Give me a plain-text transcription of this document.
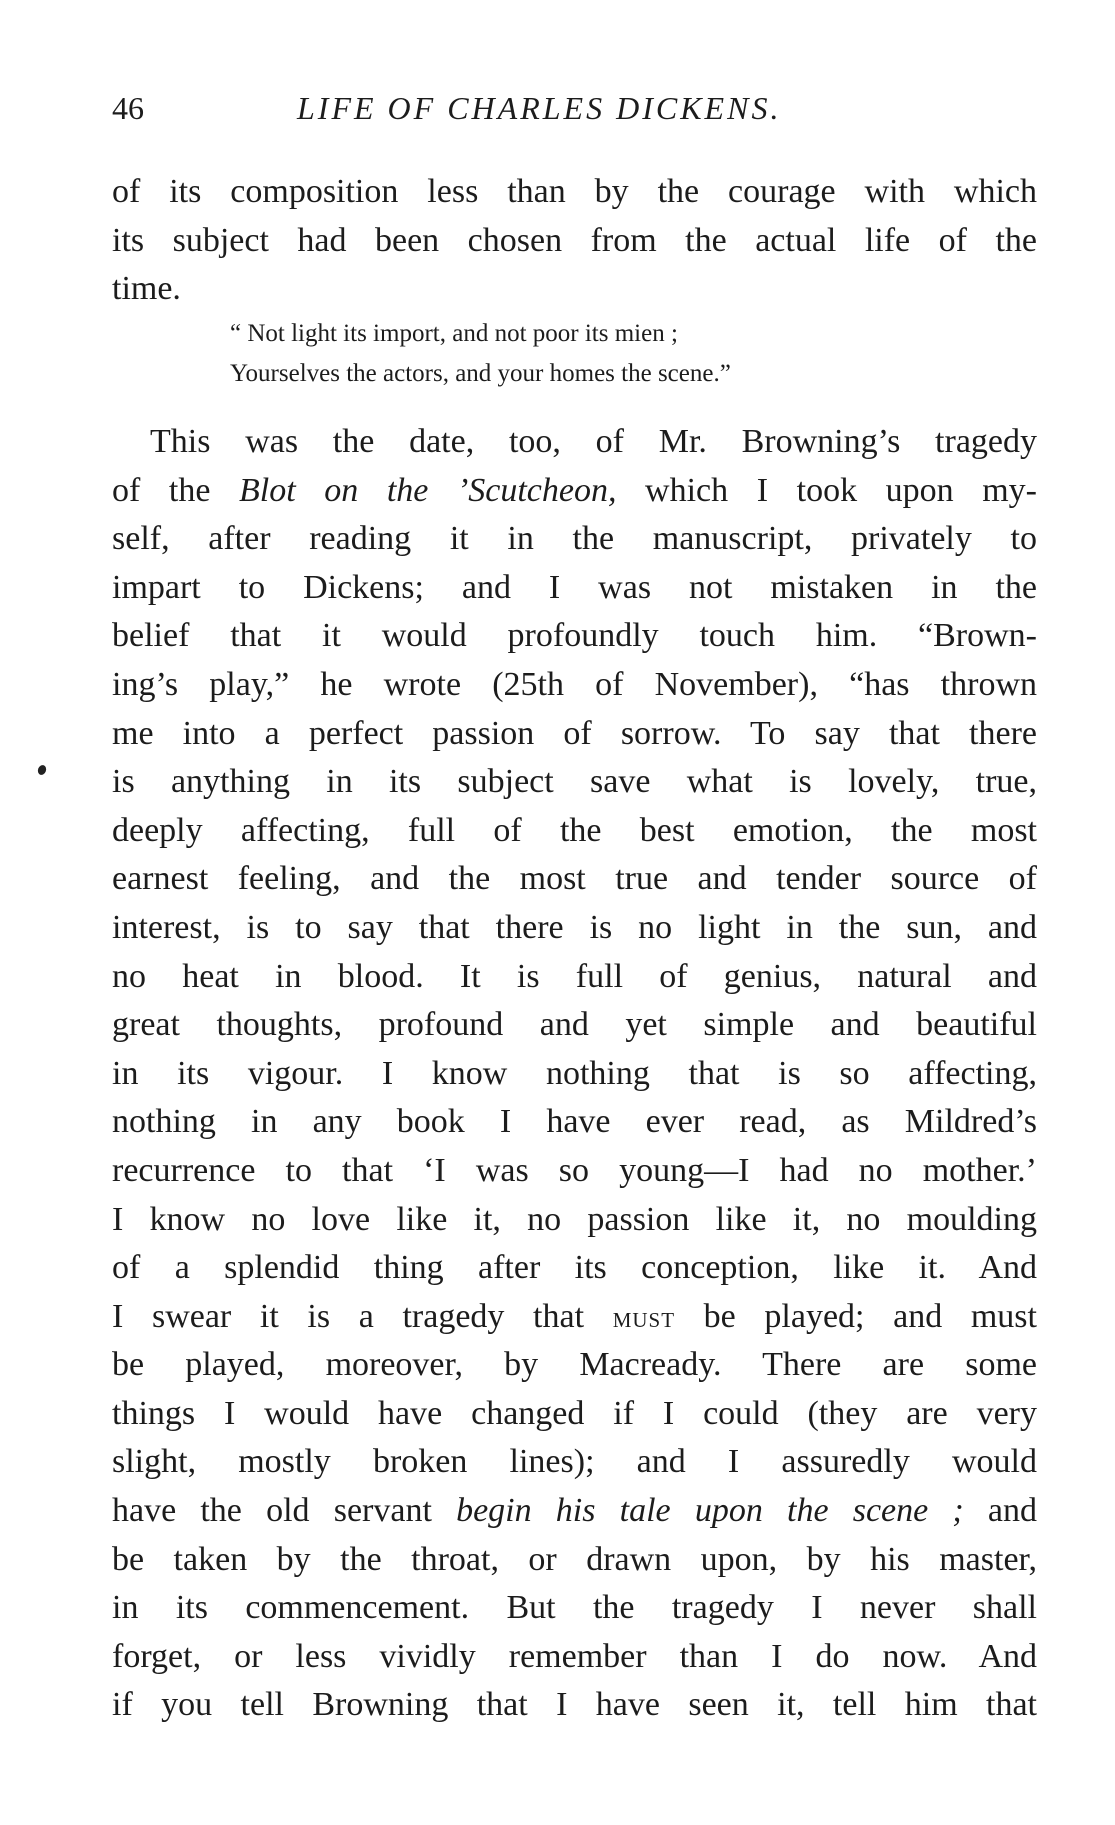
46	LIFE OF CHARLES DICKENS.
of its composition less than by the courage with which
its subject had been chosen from the actual life of the
time.
“ Not light its import, and not poor its mien ;
Yourselves the actors, and your homes the scene.”
This was the date, too, of Mr. Browning’s tragedy
of the Blot on the ’Scutcheon, which I took upon my-
self, after reading it in the manuscript, privately to
impart to Dickens; and I was not mistaken in the
belief that it would profoundly touch him. “Brown-
ing’s play,” he wrote (25th of November), “has thrown
me into a perfect passion of sorrow. To say that there
is anything in its subject save what is lovely, true,
deeply affecting, full of the best emotion, the most
earnest feeling, and the most true and tender source of
interest, is to say that there is no light in the sun, and
no heat in blood. It is full of genius, natural and
great thoughts, profound and yet simple and beautiful
in its vigour. I know nothing that is so affecting,
nothing in any book I have ever read, as Mildred’s
recurrence to that ‘I was so young—I had no mother.’
I know no love like it, no passion like it, no moulding
of a splendid thing after its conception, like it. And
I swear it is a tragedy that must be played; and must
be played, moreover, by Macready. There are some
things I would have changed if I could (they are very
slight, mostly broken lines); and I assuredly would
have the old servant begin his tale upon the scene ; and
be taken by the throat, or drawn upon, by his master,
in its commencement. But the tragedy I never shall
forget, or less vividly remember than I do now. And
if you tell Browning that I have seen it, tell him that
